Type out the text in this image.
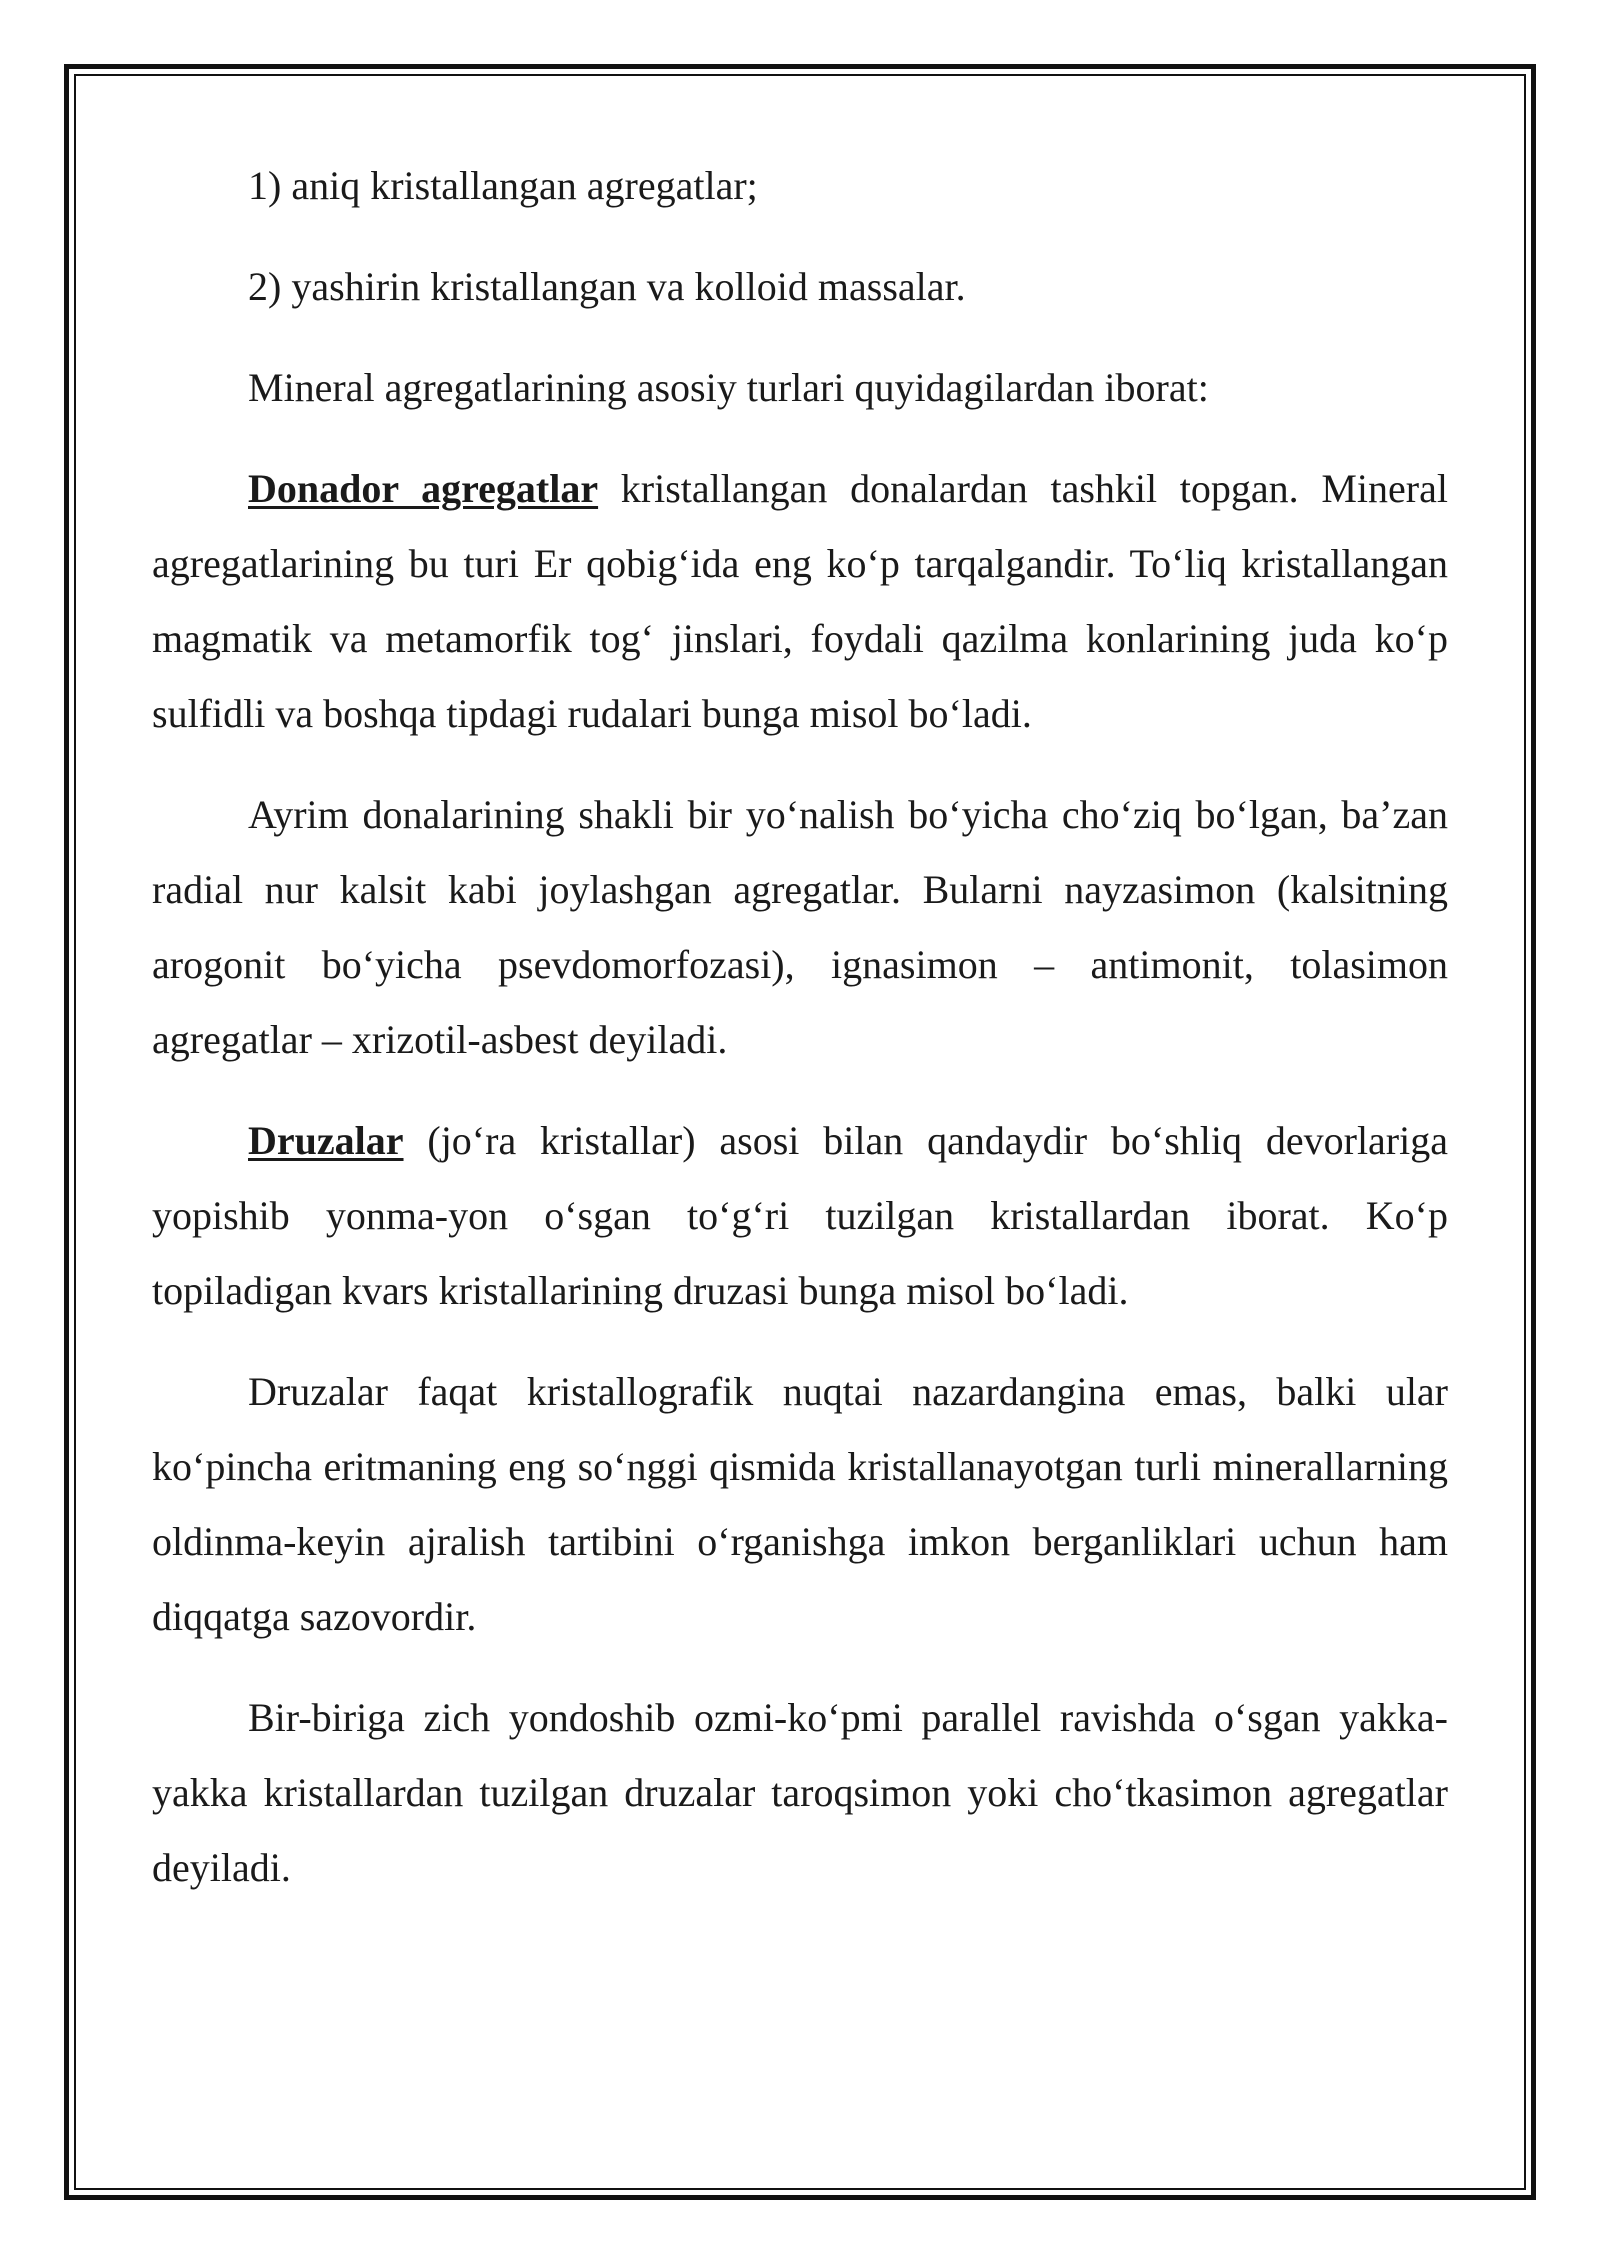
1) aniq kristallangan agregatlar;

2) yashirin kristallangan va kolloid massalar.

Mineral agregatlarining asosiy turlari quyidagilardan iborat:

Donador agregatlar kristallangan donalardan tashkil topgan. Mineral agregatlarining bu turi Er qobig‘ida eng ko‘p tarqalgandir. To‘liq kristallangan magmatik va metamorfik tog‘ jinslari, foydali qazilma konlarining juda ko‘p sulfidli va boshqa tipdagi rudalari bunga misol bo‘ladi.

Ayrim donalarining shakli bir yo‘nalish bo‘yicha cho‘ziq bo‘lgan, ba’zan radial nur kalsit kabi joylashgan agregatlar. Bularni nayzasimon (kalsitning arogonit bo‘yicha psevdomorfozasi), ignasimon – antimonit, tolasimon agregatlar – xrizotil-asbest deyiladi.

Druzalar (jo‘ra kristallar) asosi bilan qandaydir bo‘shliq devorlariga yopishib yonma-yon o‘sgan to‘g‘ri tuzilgan kristallardan iborat. Ko‘p topiladigan kvars kristallarining druzasi bunga misol bo‘ladi.

Druzalar faqat kristallografik nuqtai nazardangina emas, balki ular ko‘pincha eritmaning eng so‘nggi qismida kristallanayotgan turli minerallarning oldinma-keyin ajralish tartibini o‘rganishga imkon berganliklari uchun ham diqqatga sazovordir.

Bir-biriga zich yondoshib ozmi-ko‘pmi parallel ravishda o‘sgan yakka-yakka kristallardan tuzilgan druzalar taroqsimon yoki cho‘tkasimon agregatlar deyiladi.
